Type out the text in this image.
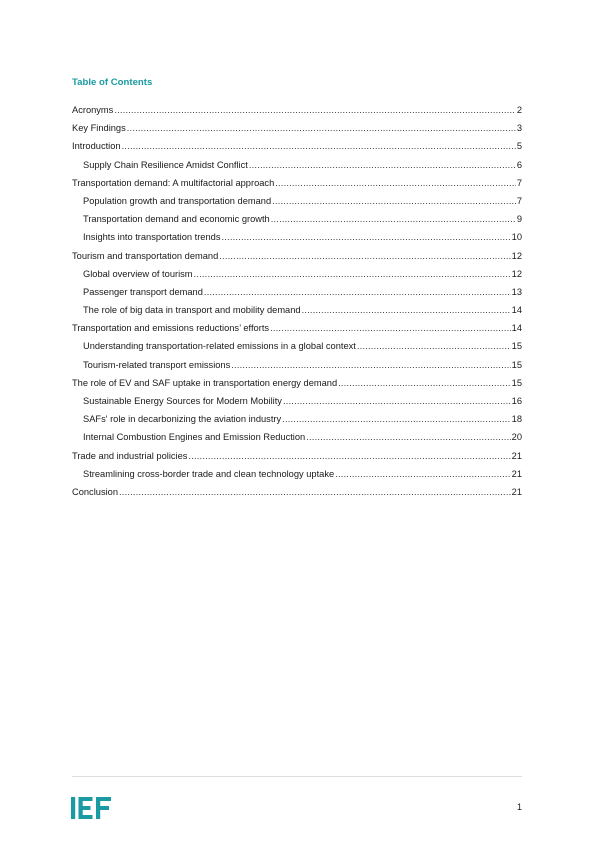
Table of Contents
Acronyms .....	2
Key Findings .....	3
Introduction .....	5
Supply Chain Resilience Amidst Conflict .....	6
Transportation demand: A multifactorial approach .....	7
Population growth and transportation demand .....	7
Transportation demand and economic growth .....	9
Insights into transportation trends .....	10
Tourism and transportation demand .....	12
Global overview of tourism .....	12
Passenger transport demand .....	13
The role of big data in transport and mobility demand .....	14
Transportation and emissions reductions’ efforts .....	14
Understanding transportation-related emissions in a global context .....	15
Tourism-related transport emissions .....	15
The role of EV and SAF uptake in transportation energy demand .....	15
Sustainable Energy Sources for Modern Mobility .....	16
SAFs' role in decarbonizing the aviation industry .....	18
Internal Combustion Engines and Emission Reduction .....	20
Trade and industrial policies .....	21
Streamlining cross-border trade and clean technology uptake .....	21
Conclusion .....	21
1
